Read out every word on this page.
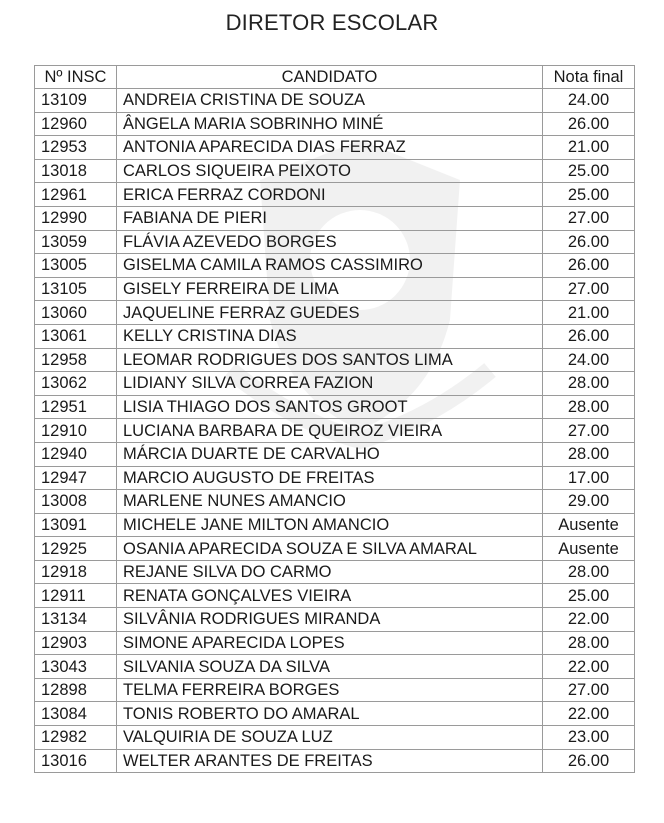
DIRETOR ESCOLAR
Nº INSC	CANDIDATO	Nota final
13109	ANDREIA CRISTINA DE SOUZA	24.00
12960	ÂNGELA MARIA SOBRINHO MINÉ	26.00
12953	ANTONIA APARECIDA DIAS FERRAZ	21.00
13018	CARLOS SIQUEIRA PEIXOTO	25.00
12961	ERICA FERRAZ CORDONI	25.00
12990	FABIANA DE PIERI	27.00
13059	FLÁVIA AZEVEDO BORGES	26.00
13005	GISELMA CAMILA RAMOS CASSIMIRO	26.00
13105	GISELY FERREIRA DE LIMA	27.00
13060	JAQUELINE FERRAZ GUEDES	21.00
13061	KELLY CRISTINA DIAS	26.00
12958	LEOMAR RODRIGUES DOS SANTOS LIMA	24.00
13062	LIDIANY SILVA CORREA FAZION	28.00
12951	LISIA THIAGO DOS SANTOS GROOT	28.00
12910	LUCIANA BARBARA DE QUEIROZ VIEIRA	27.00
12940	MÁRCIA DUARTE DE CARVALHO	28.00
12947	MARCIO AUGUSTO DE FREITAS	17.00
13008	MARLENE NUNES AMANCIO	29.00
13091	MICHELE JANE MILTON AMANCIO	Ausente
12925	OSANIA APARECIDA SOUZA E SILVA AMARAL	Ausente
12918	REJANE SILVA DO CARMO	28.00
12911	RENATA GONÇALVES VIEIRA	25.00
13134	SILVÂNIA RODRIGUES MIRANDA	22.00
12903	SIMONE APARECIDA LOPES	28.00
13043	SILVANIA SOUZA DA SILVA	22.00
12898	TELMA FERREIRA BORGES	27.00
13084	TONIS ROBERTO DO AMARAL	22.00
12982	VALQUIRIA DE SOUZA LUZ	23.00
13016	WELTER ARANTES DE FREITAS	26.00
